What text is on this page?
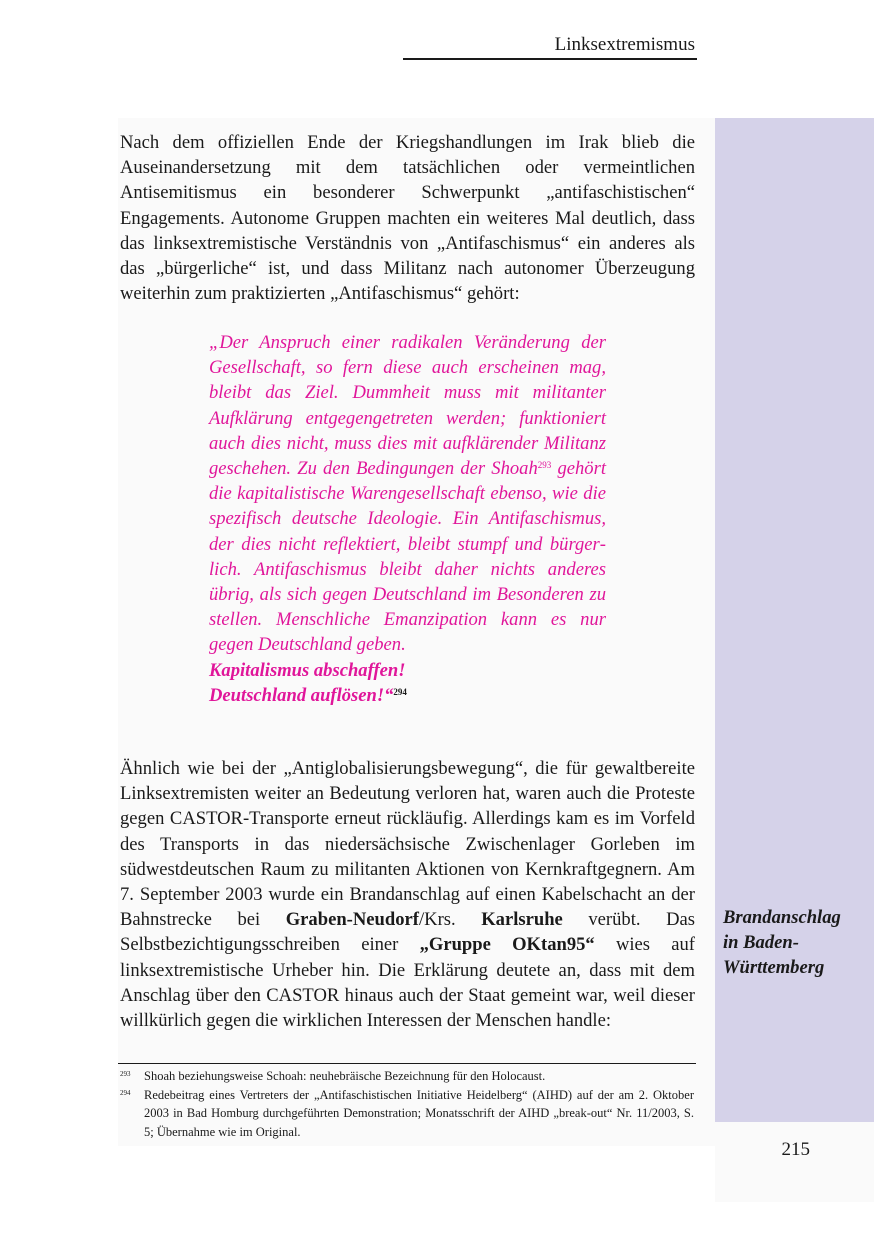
Linksextremismus
Nach dem offiziellen Ende der Kriegshandlungen im Irak blieb die Auseinandersetzung mit dem tatsächlichen oder vermeintlichen Antisemitismus ein besonderer Schwerpunkt „antifaschistischen“ Engagements. Autonome Gruppen machten ein weiteres Mal deutlich, dass das linksextremistische Verständnis von „Antifaschismus“ ein anderes als das „bürgerliche“ ist, und dass Militanz nach autonomer Überzeugung weiterhin zum praktizierten „Antifaschismus“ gehört:
„Der Anspruch einer radikalen Veränderung der Gesellschaft, so fern diese auch erscheinen mag, bleibt das Ziel. Dummheit muss mit militanter Aufklärung entgegengetreten werden; funktioniert auch dies nicht, muss dies mit aufklärender Militanz geschehen. Zu den Bedingungen der Shoah$^{293}$ gehört die kapitalistische Warengesellschaft ebenso, wie die spezifisch deutsche Ideologie. Ein Antifaschismus, der dies nicht reflektiert, bleibt stumpf und bürgerlich. Antifaschismus bleibt daher nichts anderes übrig, als sich gegen Deutschland im Besonderen zu stellen. Menschliche Emanzipation kann es nur gegen Deutschland geben.
Kapitalismus abschaffen!
Deutschland auflösen!“$^{294}$
Ähnlich wie bei der „Antiglobalisierungsbewegung“, die für gewaltbereite Linksextremisten weiter an Bedeutung verloren hat, waren auch die Proteste gegen CASTOR-Transporte erneut rückläufig. Allerdings kam es im Vorfeld des Transports in das niedersächsische Zwischenlager Gorleben im südwestdeutschen Raum zu militanten Aktionen von Kernkraftgegnern. Am 7. September 2003 wurde ein Brandanschlag auf einen Kabelschacht an der Bahnstrecke bei Graben-Neudorf/Krs. Karlsruhe verübt. Das Selbstbezichtigungsschreiben einer „Gruppe OKtan95“ wies auf linksextremistische Urheber hin. Die Erklärung deutete an, dass mit dem Anschlag über den CASTOR hinaus auch der Staat gemeint war, weil dieser willkürlich gegen die wirklichen Interessen der Menschen handle:
Brandanschlag
in Baden-
Württemberg
293 Shoah beziehungsweise Schoah: neuhebräische Bezeichnung für den Holocaust.
294 Redebeitrag eines Vertreters der „Antifaschistischen Initiative Heidelberg“ (AIHD) auf der am 2. Oktober 2003 in Bad Homburg durchgeführten Demonstration; Monatsschrift der AIHD „break-out“ Nr. 11/2003, S. 5; Übernahme wie im Original.
215
